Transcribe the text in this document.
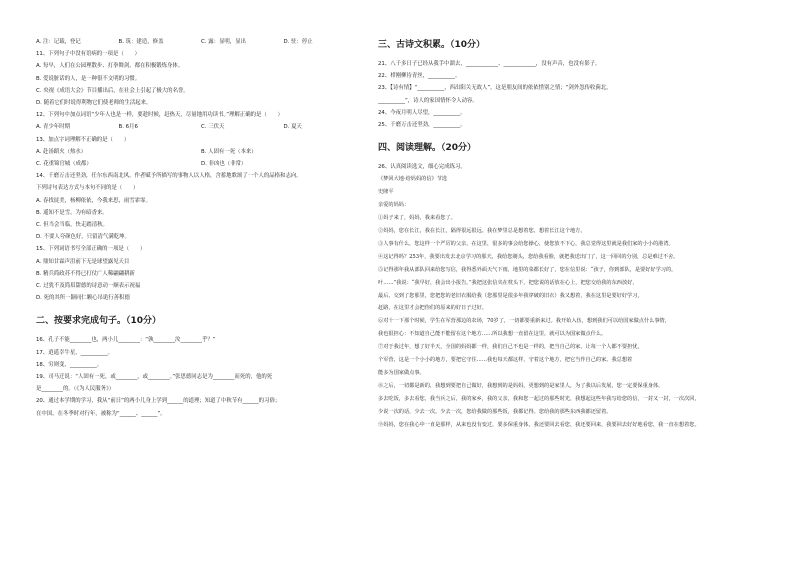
A. 注：记载，登记	B. 筑：建造，修盖	C. 露：显明，显出	D. 驻：停止
11、下列句子中没有语病的一项是（　　）
A. 每早，人们在公园理散步、打拳舞剑，都在积极锻炼身体。
B. 爱说脏话的人，是一种很不文明的习惯。
C. 央视《成语大会》节目播出后，在社会上引起了极大的名誉。
D. 随着它们时说得利物它们使老师的生活起来。
12、下列句中加点词语“少年人也是一样，要趁时候，赶热天，尽量地用功读书。”理解正确的是（　　）
A. 青少年时期	B. 6月6	C. 三伏天	D. 夏天
13、加点字词理解不正确的是（　　）
A. 赴汤蹈火（热水）	B. 人固有一死（本来）
C. 花重锦官城（成都）	D. 非凶也（非常）
14、千磨万击还坚劲，任尔东西南北风。作者赋予所描写的事物人以人格，含蓄地歌颂了一个人的品格和志向。
下列诗句表达方式与本句不同的是（　　）
A. 春找徒美，杨柳依依，今我来思，雨雪霏霏。
B. 遥知不是雪，为有暗香来。
C. 但当会当临，快走踏清秋。
D. 不要人夸颜色好，只留清气满乾坤。
15、下列词语书写全部正确的一项是（　　）
A. 鼎知甘霖声沮前下无是球望露见天目
B. 精兵简政苏不得已打仗广人稀翩翩耕新
C. 过犹不及简眉甜德的诗意动一顺表示祝福
D. 死的其所一颖同仁颗心吊诡行善积德
二、按要求完成句子。（10分）
16、孔子不能________也，两小儿________：“孰________汝________乎？”
17、逍遥幸牛星，__________。
18、穷则变，__________。
19、司马迁说：“人固有一死，或________，或________。”张思德同志是为________而死的，他的死
是________的。（《为人民服务》）
20、通过本学期的学习，我从“前日”的两小儿身上学到______的道理；知道了中秋节有______的习俗；
在中国，在冬季时对行年，被称为“______、______”。
三、古诗文积累。（10分）
21、八千多日子已经从我手中溜去，____________、____________，没有声音，也没有影子。
22、栉刚柳待青丝，__________。
23、【诗有情】“__________，西出阳关无故人”，这是朋友间的依依惜别之情；“剑外忽传收蓟北，
__________”，诗人的家国情怀令人动容。
24、今夜月明人尽望，__________。
25、千磨万击还坚劲，__________。
四、阅读理解。（20分）
26、认真阅读选文，细心完成练习。
《梦回大地·给妈妈的信》节选
史隆平
亲爱的妈妈：
①妈子来了，妈妈，我来看您了。
②妈妈，您在长江，我在长江，隔得很远很远。我在梦里总是想着您，想着长江这个地方。
③人事有什么，您这样一个严厉的父亲，在这里，很多的事会给您操心，使您放不下心，我总觉得这里就是我们家的小小的港湾。
④这记得吗？253年，我要出发去北京学习的那天，我给您剃头，您给我看脸，就把我送出门了，这一回回的分别，总是难过不舍。
⑤记得那年我从部队回来给您写信，我得悉外面天气下雨，地里的菜都长好了，您在信里说：“孩子，你到部队，是要好好学习的，
叶……”我说：“我早好，我会出小报告。”我把这张信夹在枕头下，把您说的话放在心上，把您交给我的东西放好，
最后，交到了您那里，您把您的老旧衣服给我（您那里是很多年我穿破的旧衣）我又想着，我在这里是要好好学习，
赶路，在这里才会把你们的原来的好日子过好。
⑥对十一下那个时候，学生在军营那边的农场，70岁了，一切都要重新来过。我开始入伍，想到我们可以给国家做点什么事情，
我也很担心：不知道自己能不能留在这个地方……所以我想一直留在这里，就可以为国家做点什么。
⑦对于我过年，想了好半天，全国的妈妈都一样，我们自己不也是一样的，把当自己的家，让每一个人都不要担忧，
个军营，这是一个小小的地方，要把它守住……我也每天都这样，守着这个地方，把它当作自己的家。我总想着
能多为国家做点事。
⑧之后，一切都是新的，我想到要把自己做好，我想到的是妈妈，更想到的是家里人，为了我以后发展，您一定要保重身体，
多去吃饭，多去看您，我当兵之后，我的家乡，我的父亲，我和您一起过的那些时光，我想起这些年我写给您的信，一封又一封，一次次回，
少说一次的话，少去一次，少去一次，您给我做的那些饭，我都记得。您给我的那些东西我都还留着。
⑨妈妈，您在我心中一直是那样，从来也没有变过，要多保重身体，我还要回去看您，我还要回来，我要回去好好地看您，我一直在想着您。
